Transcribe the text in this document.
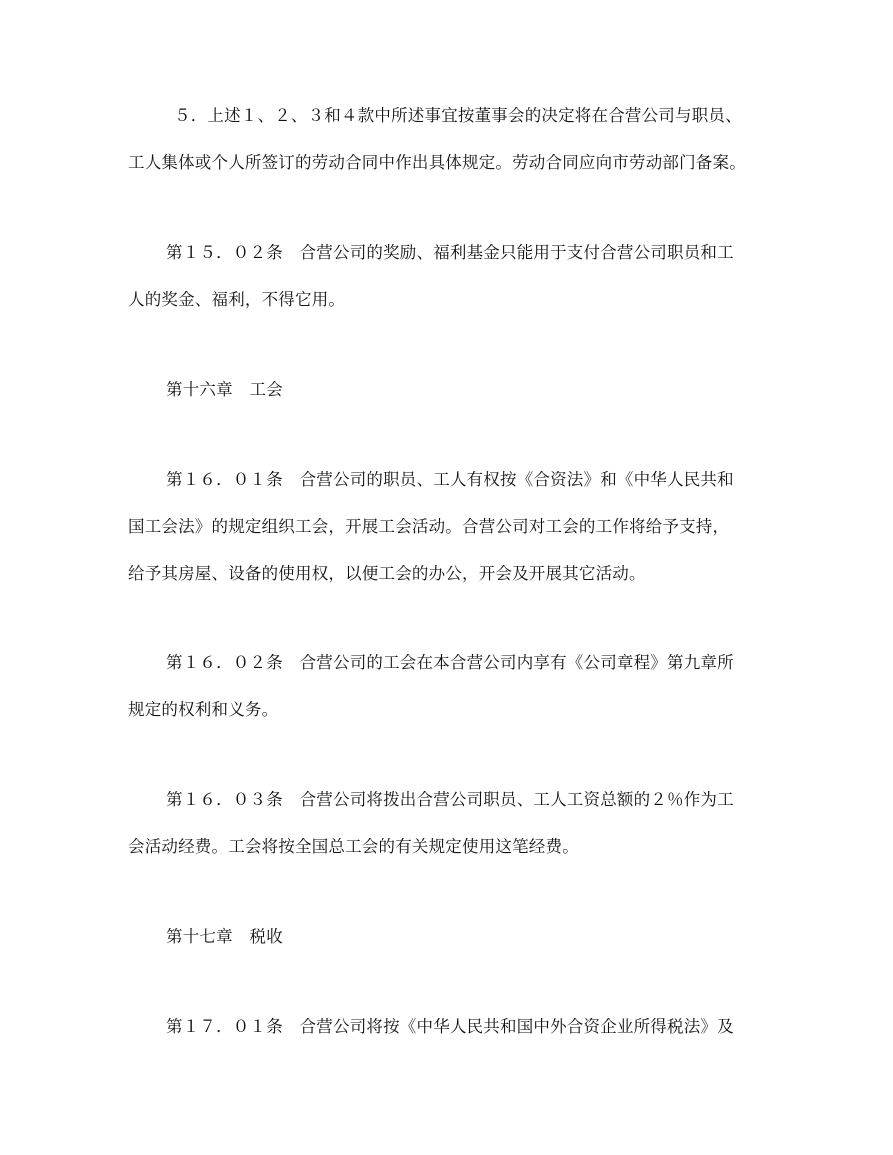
５．上述１、２、３和４款中所述事宜按董事会的决定将在合营公司与职员、
工人集体或个人所签订的劳动合同中作出具体规定。劳动合同应向市劳动部门备案。
第１５．０２条　合营公司的奖励、福利基金只能用于支付合营公司职员和工
人的奖金、福利，不得它用。
第十六章　工会
第１６．０１条　合营公司的职员、工人有权按《合资法》和《中华人民共和
国工会法》的规定组织工会，开展工会活动。合营公司对工会的工作将给予支持，
给予其房屋、设备的使用权，以便工会的办公，开会及开展其它活动。
第１６．０２条　合营公司的工会在本合营公司内享有《公司章程》第九章所
规定的权利和义务。
第１６．０３条　合营公司将拨出合营公司职员、工人工资总额的２％作为工
会活动经费。工会将按全国总工会的有关规定使用这笔经费。
第十七章　税收
第１７．０１条　合营公司将按《中华人民共和国中外合资企业所得税法》及
